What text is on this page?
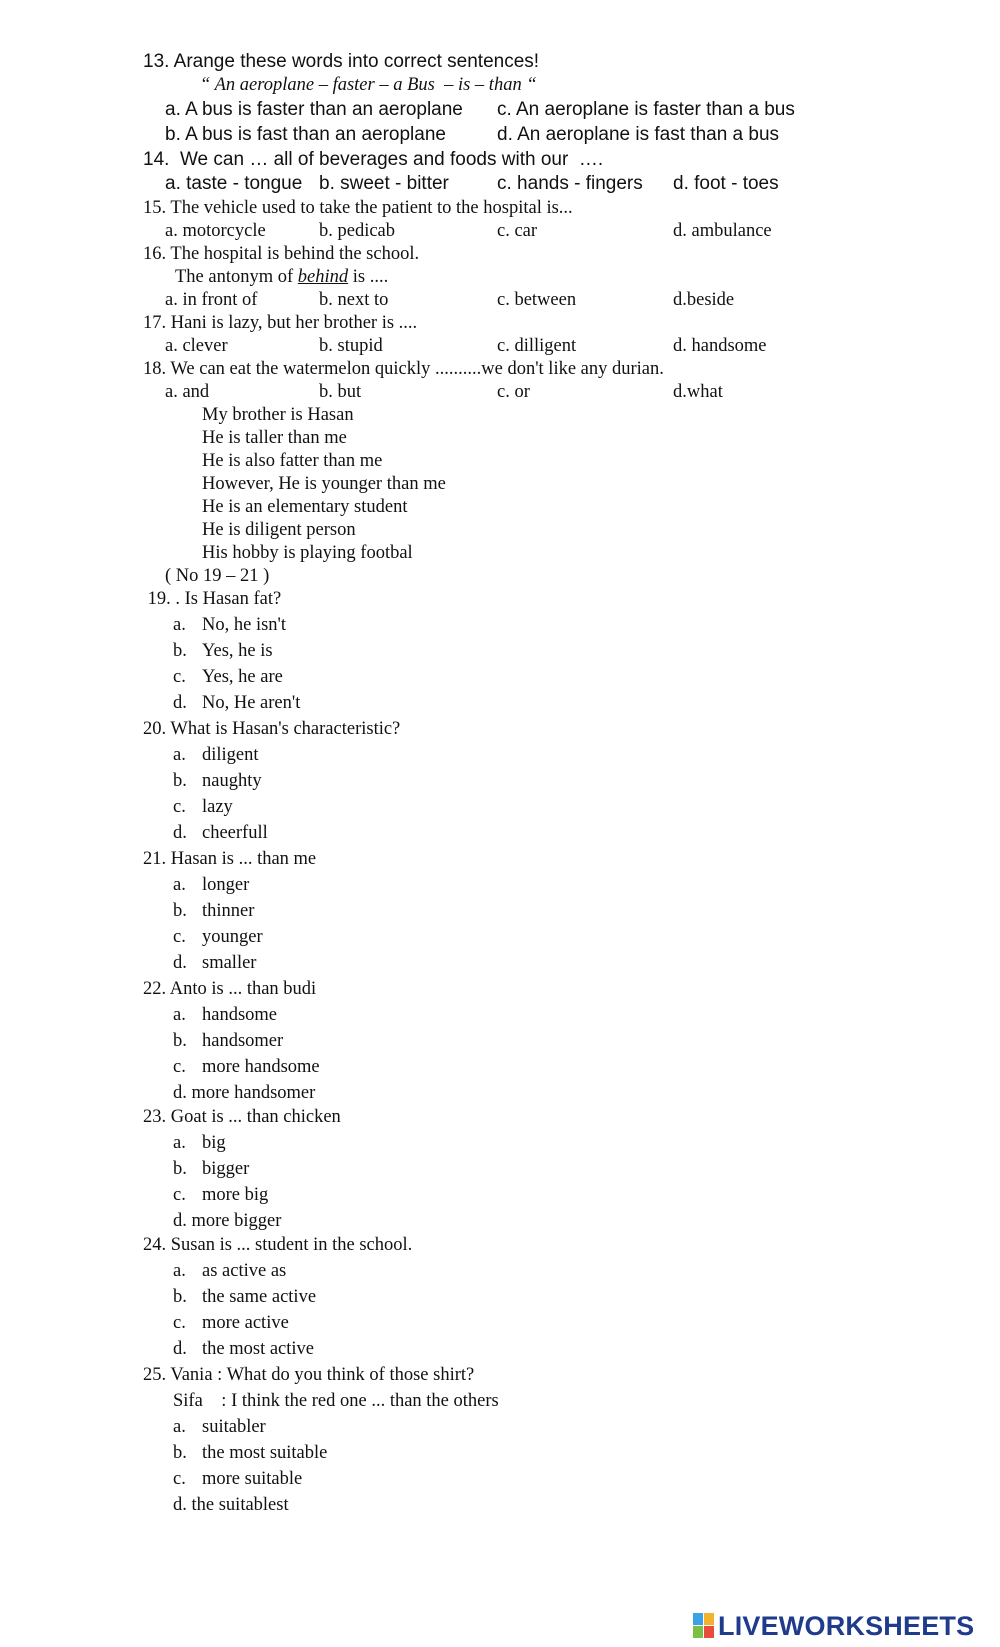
13. Arange these words into correct sentences!
“ An aeroplane – faster – a Bus  – is – than “
a. A bus is faster than an aeroplane c. An aeroplane is faster than a bus
b. A bus is fast than an aeroplane	d. An aeroplane is fast than a bus
14.  We can … all of beverages and foods with our  ….
a. taste - tongue b. sweet - bitter	c. hands - fingers d. foot - toes
15. The vehicle used to take the patient to the hospital is...
a. motorcycle	b. pedicab	c. car	d. ambulance
16. The hospital is behind the school.
The antonym of behind is ....
a. in front of	b. next to	c. between	d.beside
17. Hani is lazy, but her brother is ....
a. clever	b. stupid	c. dilligent	d. handsome
18. We can eat the watermelon quickly ..........we don't like any durian.
a. and	b. but	c. or	d.what
My brother is Hasan
He is taller than me
He is also fatter than me
However, He is younger than me
He is an elementary student
He is diligent person
His hobby is playing footbal
( No 19 – 21 )
19. . Is Hasan fat?
a. No, he isn't
b. Yes, he is
c. Yes, he are
d. No, He aren't
20. What is Hasan's characteristic?
a. diligent
b. naughty
c. lazy
d. cheerfull
21. Hasan is ... than me
a. longer
b. thinner
c. younger
d. smaller
22. Anto is ... than budi
a. handsome
b. handsomer
c. more handsome
d. more handsomer
23. Goat is ... than chicken
a. big
b. bigger
c. more big
d. more bigger
24. Susan is ... student in the school.
a. as active as
b. the same active
c. more active
d. the most active
25. Vania : What do you think of those shirt?
Sifa    : I think the red one ... than the others
a. suitabler
b. the most suitable
c. more suitable
d. the suitablest
LIVEWORKSHEETS
